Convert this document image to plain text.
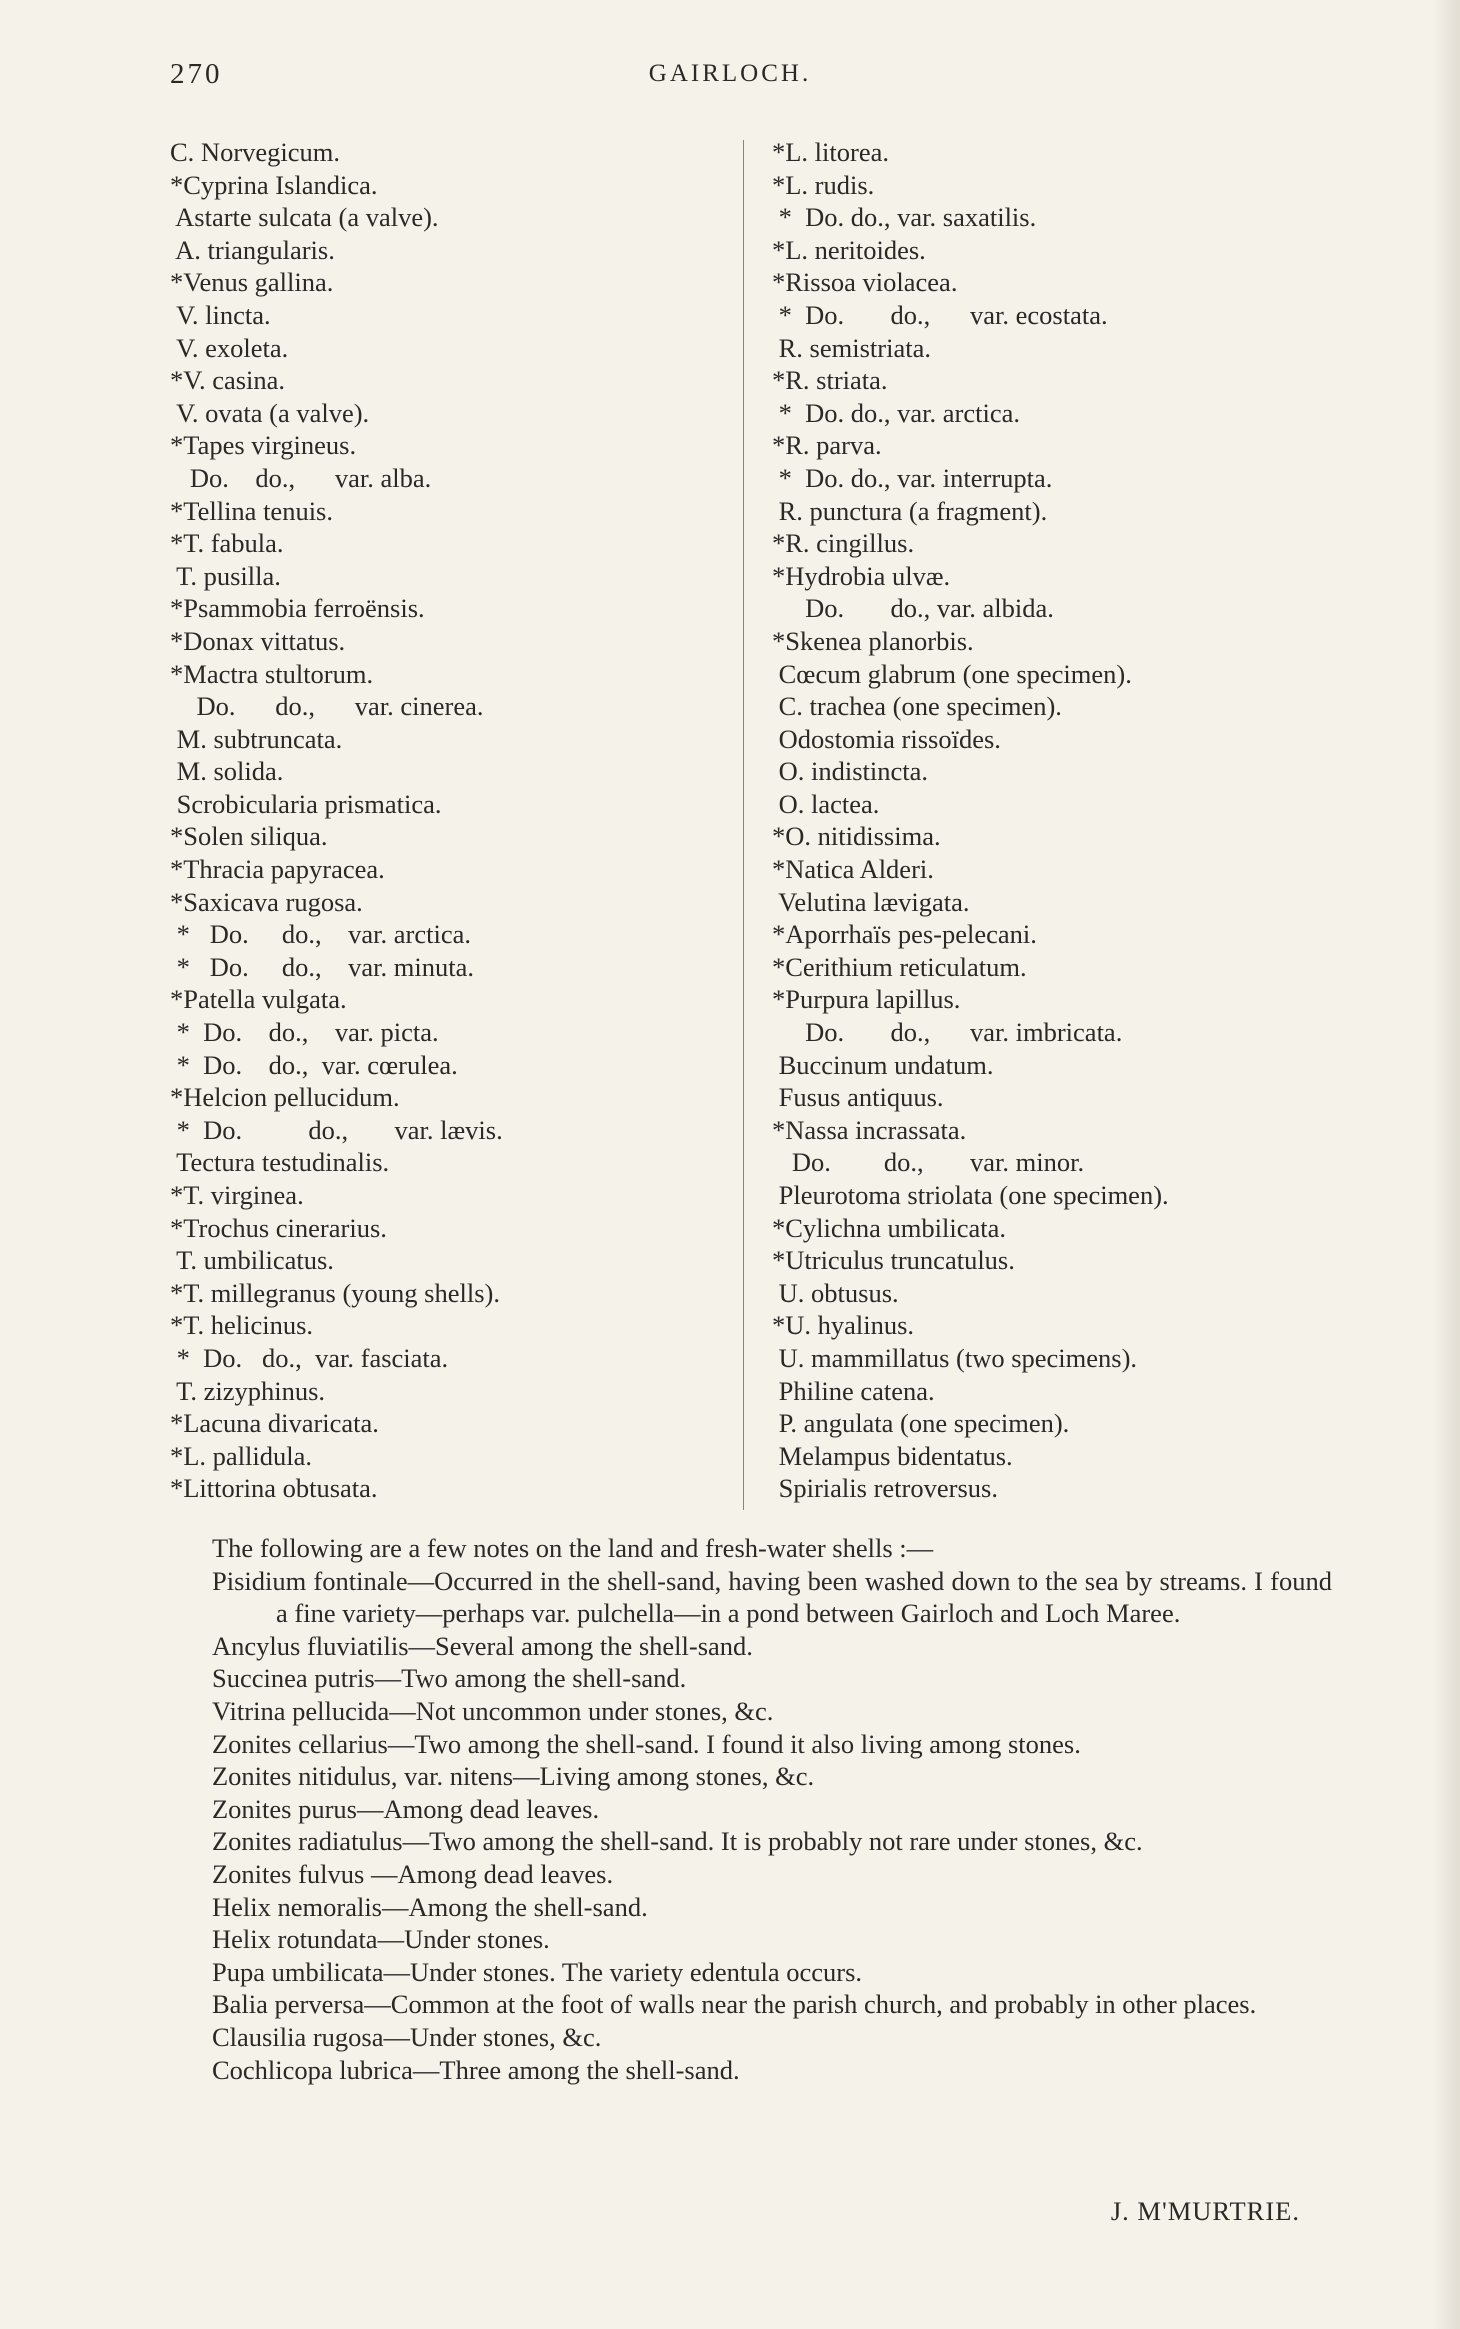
270	GAIRLOCH.
C. Norvegicum.
*Cyprina Islandica.
Astarte sulcata (a valve).
A. triangularis.
*Venus gallina.
V. lincta.
V. exoleta.
*V. casina.
V. ovata (a valve).
*Tapes virgineus.
Do.    do.,      var. alba.
*Tellina tenuis.
*T. fabula.
T. pusilla.
*Psammobia ferroënsis.
*Donax vittatus.
*Mactra stultorum.
Do.      do.,      var. cinerea.
M. subtruncata.
M. solida.
Scrobicularia prismatica.
*Solen siliqua.
*Thracia papyracea.
*Saxicava rugosa.
*   Do.     do.,    var. arctica.
*   Do.     do.,    var. minuta.
*Patella vulgata.
*  Do.    do.,    var. picta.
*  Do.    do.,  var. cœrulea.
*Helcion pellucidum.
*  Do.          do.,       var. lævis.
Tectura testudinalis.
*T. virginea.
*Trochus cinerarius.
T. umbilicatus.
*T. millegranus (young shells).
*T. helicinus.
*  Do.   do.,  var. fasciata.
T. zizyphinus.
*Lacuna divaricata.
*L. pallidula.
*Littorina obtusata.
*L. litorea.
*L. rudis.
*  Do. do., var. saxatilis.
*L. neritoides.
*Rissoa violacea.
*  Do.       do.,      var. ecostata.
R. semistriata.
*R. striata.
*  Do. do., var. arctica.
*R. parva.
*  Do. do., var. interrupta.
R. punctura (a fragment).
*R. cingillus.
*Hydrobia ulvæ.
Do.       do., var. albida.
*Skenea planorbis.
Cœcum glabrum (one specimen).
C. trachea (one specimen).
Odostomia rissoïdes.
O. indistincta.
O. lactea.
*O. nitidissima.
*Natica Alderi.
Velutina lævigata.
*Aporrhaïs pes-pelecani.
*Cerithium reticulatum.
*Purpura lapillus.
Do.       do.,      var. imbricata.
Buccinum undatum.
Fusus antiquus.
*Nassa incrassata.
Do.        do.,       var. minor.
Pleurotoma striolata (one specimen).
*Cylichna umbilicata.
*Utriculus truncatulus.
U. obtusus.
*U. hyalinus.
U. mammillatus (two specimens).
Philine catena.
P. angulata (one specimen).
Melampus bidentatus.
Spirialis retroversus.
The following are a few notes on the land and fresh-water shells :—
Pisidium fontinale—Occurred in the shell-sand, having been washed down to the sea by streams. I found a fine variety—perhaps var. pulchella—in a pond between Gairloch and Loch Maree.
Ancylus fluviatilis—Several among the shell-sand.
Succinea putris—Two among the shell-sand.
Vitrina pellucida—Not uncommon under stones, &c.
Zonites cellarius—Two among the shell-sand. I found it also living among stones.
Zonites nitidulus, var. nitens—Living among stones, &c.
Zonites purus—Among dead leaves.
Zonites radiatulus—Two among the shell-sand. It is probably not rare under stones, &c.
Zonites fulvus —Among dead leaves.
Helix nemoralis—Among the shell-sand.
Helix rotundata—Under stones.
Pupa umbilicata—Under stones. The variety edentula occurs.
Balia perversa—Common at the foot of walls near the parish church, and probably in other places.
Clausilia rugosa—Under stones, &c.
Cochlicopa lubrica—Three among the shell-sand.
J. M'MURTRIE.
